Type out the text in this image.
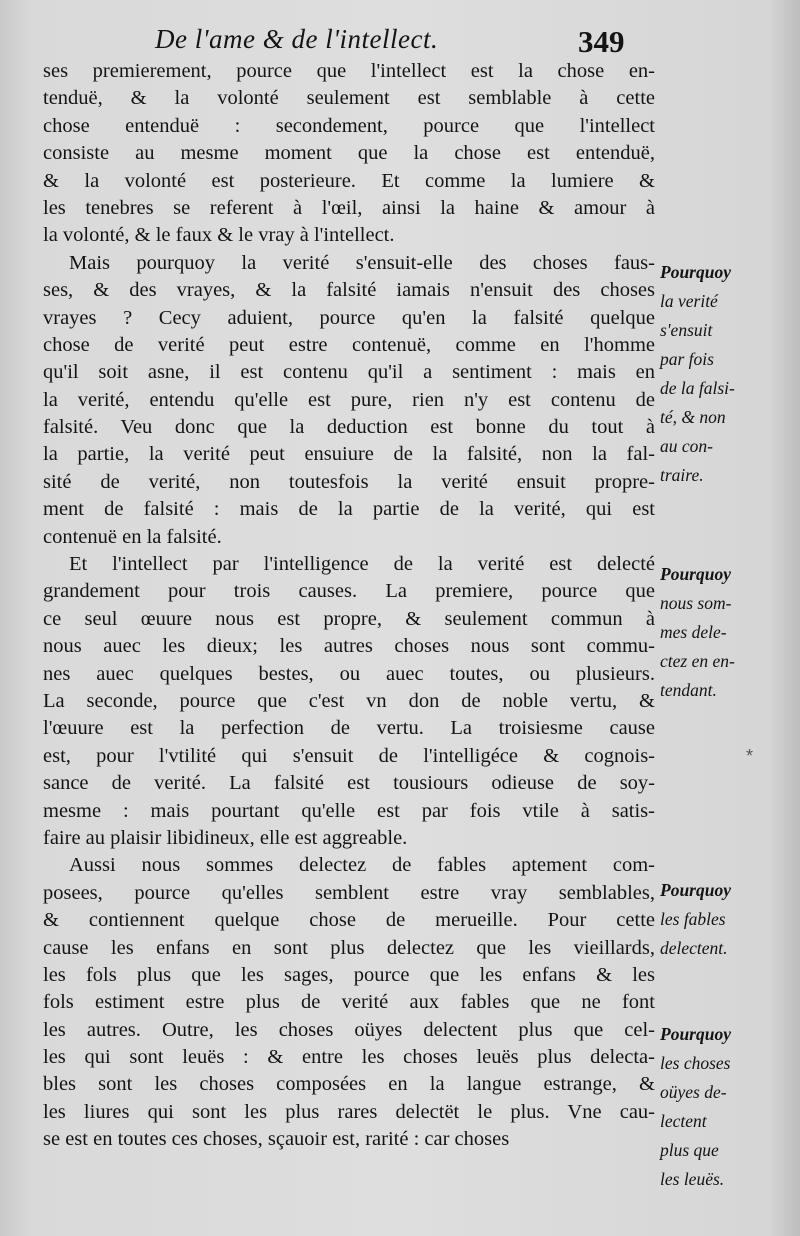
De l'ame & de l'intellect.	349
ses premierement, pource que l'intellect est la chose en-
tenduë, & la volonté seulement est semblable à cette
chose entenduë : secondement, pource que l'intellect
consiste au mesme moment que la chose est entenduë,
& la volonté est posterieure. Et comme la lumiere &
les tenebres se referent à l'œil, ainsi la haine & amour à
la volonté, & le faux & le vray à l'intellect.
Mais pourquoy la verité s'ensuit-elle des choses faus-
ses, & des vrayes, & la falsité iamais n'ensuit des choses
vrayes ? Cecy aduient, pource qu'en la falsité quelque
chose de verité peut estre contenuë, comme en l'homme
qu'il soit asne, il est contenu qu'il a sentiment : mais en
la verité, entendu qu'elle est pure, rien n'y est contenu de
falsité. Veu donc que la deduction est bonne du tout à
la partie, la verité peut ensuiure de la falsité, non la fal-
sité de verité, non toutesfois la verité ensuit propre-
ment de falsité : mais de la partie de la verité, qui est
contenuë en la falsité.
Et l'intellect par l'intelligence de la verité est delecté
grandement pour trois causes. La premiere, pource que
ce seul œuure nous est propre, & seulement commun à
nous auec les dieux; les autres choses nous sont commu-
nes auec quelques bestes, ou auec toutes, ou plusieurs.
La seconde, pource que c'est vn don de noble vertu, &
l'œuure est la perfection de vertu. La troisiesme cause
est, pour l'vtilité qui s'ensuit de l'intelligéce & cognois-
sance de verité. La falsité est tousiours odieuse de soy-
mesme : mais pourtant qu'elle est par fois vtile à satis-
faire au plaisir libidineux, elle est aggreable.
Aussi nous sommes delectez de fables aptement com-
posees, pource qu'elles semblent estre vray semblables,
& contiennent quelque chose de merueille. Pour cette
cause les enfans en sont plus delectez que les vieillards,
les fols plus que les sages, pource que les enfans & les
fols estiment estre plus de verité aux fables que ne font
les autres. Outre, les choses oüyes delectent plus que cel-
les qui sont leuës : & entre les choses leuës plus delecta-
bles sont les choses composées en la langue estrange, &
les liures qui sont les plus rares delectët le plus. Vne cau-
se est en toutes ces choses, sçauoir est, rarité : car choses
Pourquoy
la verité
s'ensuit
par fois
de la falsi-
té, & non
au con-
traire.
Pourquoy
nous som-
mes dele-
ctez en en-
tendant.
Pourquoy
les fables
delectent.
Pourquoy
les choses
oüyes de-
lectent
plus que
les leuës.
*
